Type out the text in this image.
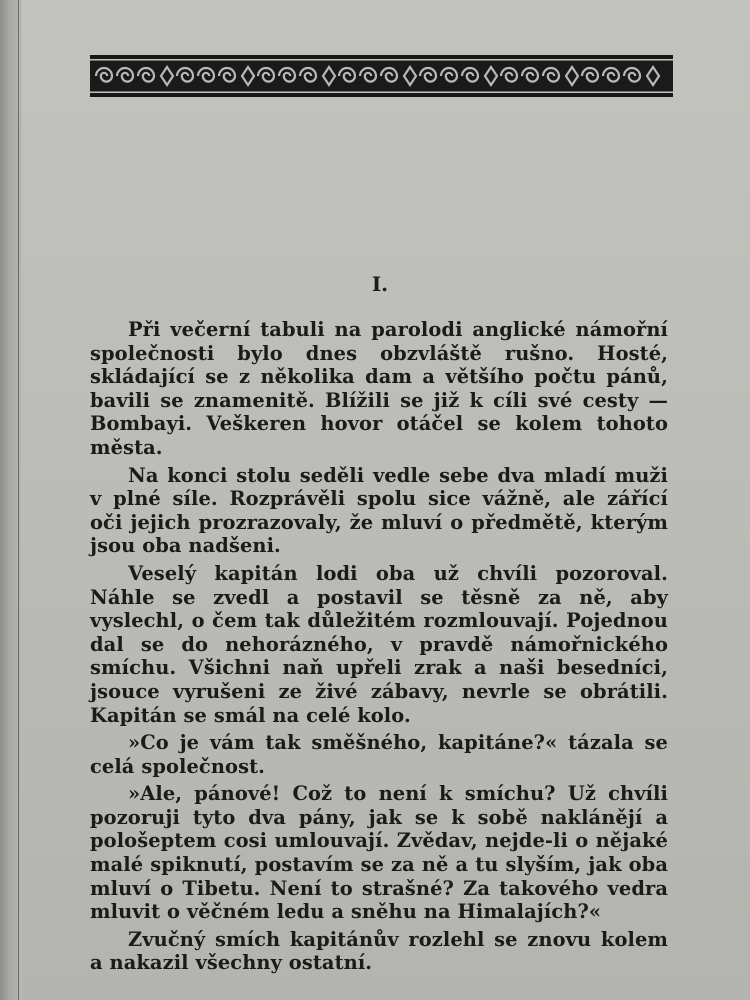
I.

Při večerní tabuli na parolodi anglické námořní společnosti bylo dnes obzvláště rušno. Hosté, skládající se z několika dam a většího počtu pánů, bavili se znamenitě. Blížili se již k cíli své cesty — Bombayi. Veškeren hovor otáčel se kolem tohoto města.

Na konci stolu seděli vedle sebe dva mladí muži v plné síle. Rozprávěli spolu sice vážně, ale zářící oči jejich prozrazovaly, že mluví o předmětě, kterým jsou oba nadšeni.

Veselý kapitán lodi oba už chvíli pozoroval. Náhle se zvedl a postavil se těsně za ně, aby vyslechl, o čem tak důležitém rozmlouvají. Pojednou dal se do nehorázného, v pravdě námořnického smíchu. Všichni naň upřeli zrak a naši besedníci, jsouce vyrušeni ze živé zábavy, nevrle se obrátili. Kapitán se smál na celé kolo.

»Co je vám tak směšného, kapitáne?« tázala se celá společnost.

»Ale, pánové! Což to není k smíchu? Už chvíli pozoruji tyto dva pány, jak se k sobě naklánějí a pološeptem cosi umlouvají. Zvědav, nejde-li o nějaké malé spiknutí, postavím se za ně a tu slyším, jak oba mluví o Tibetu. Není to strašné? Za takového vedra mluvit o věčném ledu a sněhu na Himalajích?«

Zvučný smích kapitánův rozlehl se znovu kolem a nakazil všechny ostatní.
